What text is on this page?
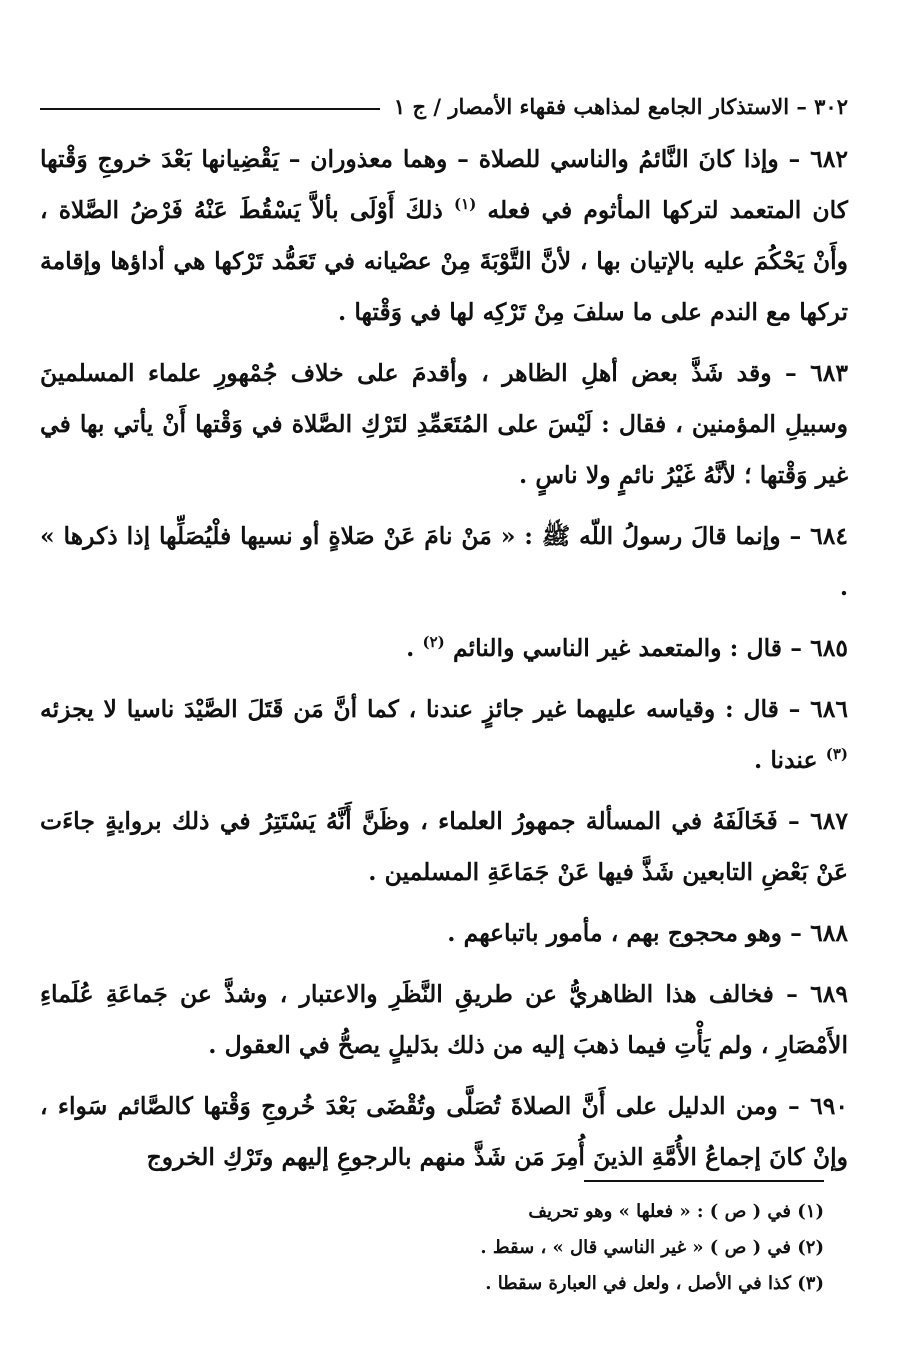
٣٠٢ – الاستذكار الجامع لمذاهب فقهاء الأمصار / ج ١

٦٨٢ – وإذا كانَ النَّائمُ والناسي للصلاة – وهما معذوران – يَقْضِيانها بَعْدَ خروجِ وَقْتها كان المتعمد لتركها المأثوم في فعله $^{(١)}$ ذلكَ أَوْلَى بألاَّ يَسْقُطَ عَنْهُ فَرْضُ الصَّلاة ، وأَنْ يَحْكُمَ عليه بالإتيان بها ، لأنَّ التَّوْبَةَ مِنْ عصْيانه في تَعَمُّد تَرْكها هي أداؤها وإقامة تركها مع الندم على ما سلفَ مِنْ تَرْكِه لها في وَقْتها .

٦٨٣ – وقد شَذَّ بعض أهلِ الظاهر ، وأقدمَ على خلاف جُمْهورِ علماء المسلمينَ وسبيلِ المؤمنين ، فقال : لَيْسَ على المُتَعَمِّدِ لتَرْكِ الصَّلاة في وَقْتها أَنْ يأتي بها في غير وَقْتها ؛ لأنَّهُ غَيْرُ نائمٍ ولا ناسٍ .

٦٨٤ – وإنما قالَ رسولُ اللّه ﷺ : « مَنْ نامَ عَنْ صَلاةٍ أو نسيها فلْيُصَلِّها إذا ذكرها » .

٦٨٥ – قال : والمتعمد غير الناسي والنائم $^{(٢)}$ .

٦٨٦ – قال : وقياسه عليهما غير جائزٍ عندنا ، كما أنَّ مَن قَتَلَ الصَّيْدَ ناسيا لا يجزئه $^{(٣)}$ عندنا .

٦٨٧ – فَخَالَفَهُ في المسألة جمهورُ العلماء ، وظَنَّ أَنَّهُ يَسْتَتِرُ في ذلك بروايةٍ جاءَت عَنْ بَعْضِ التابعين شَذَّ فيها عَنْ جَمَاعَةِ المسلمين .

٦٨٨ – وهو محجوج بهم ، مأمور باتباعهم .

٦٨٩ – فخالف هذا الظاهريُّ عن طريقِ النَّظَرِ والاعتبار ، وشذَّ عن جَماعَةِ عُلَماءِ الأَمْصَارِ ، ولم يَأْتِ فيما ذهبَ إليه من ذلك بدَليلٍ يصحُّ في العقول .

٦٩٠ – ومن الدليل على أَنَّ الصلاةَ تُصَلَّى وتُقْضَى بَعْدَ خُروجِ وَقْتها كالصَّائم سَواء ، وإنْ كانَ إجماعُ الأُمَّةِ الذينَ أُمِرَ مَن شَذَّ منهم بالرجوعِ إليهم وتَرْكِ الخروج

(١) في ( ص ) : « فعلها » وهو تحريف

(٢) في ( ص ) « غير الناسي قال » ، سقط .

(٣) كذا في الأصل ، ولعل في العبارة سقطا .
